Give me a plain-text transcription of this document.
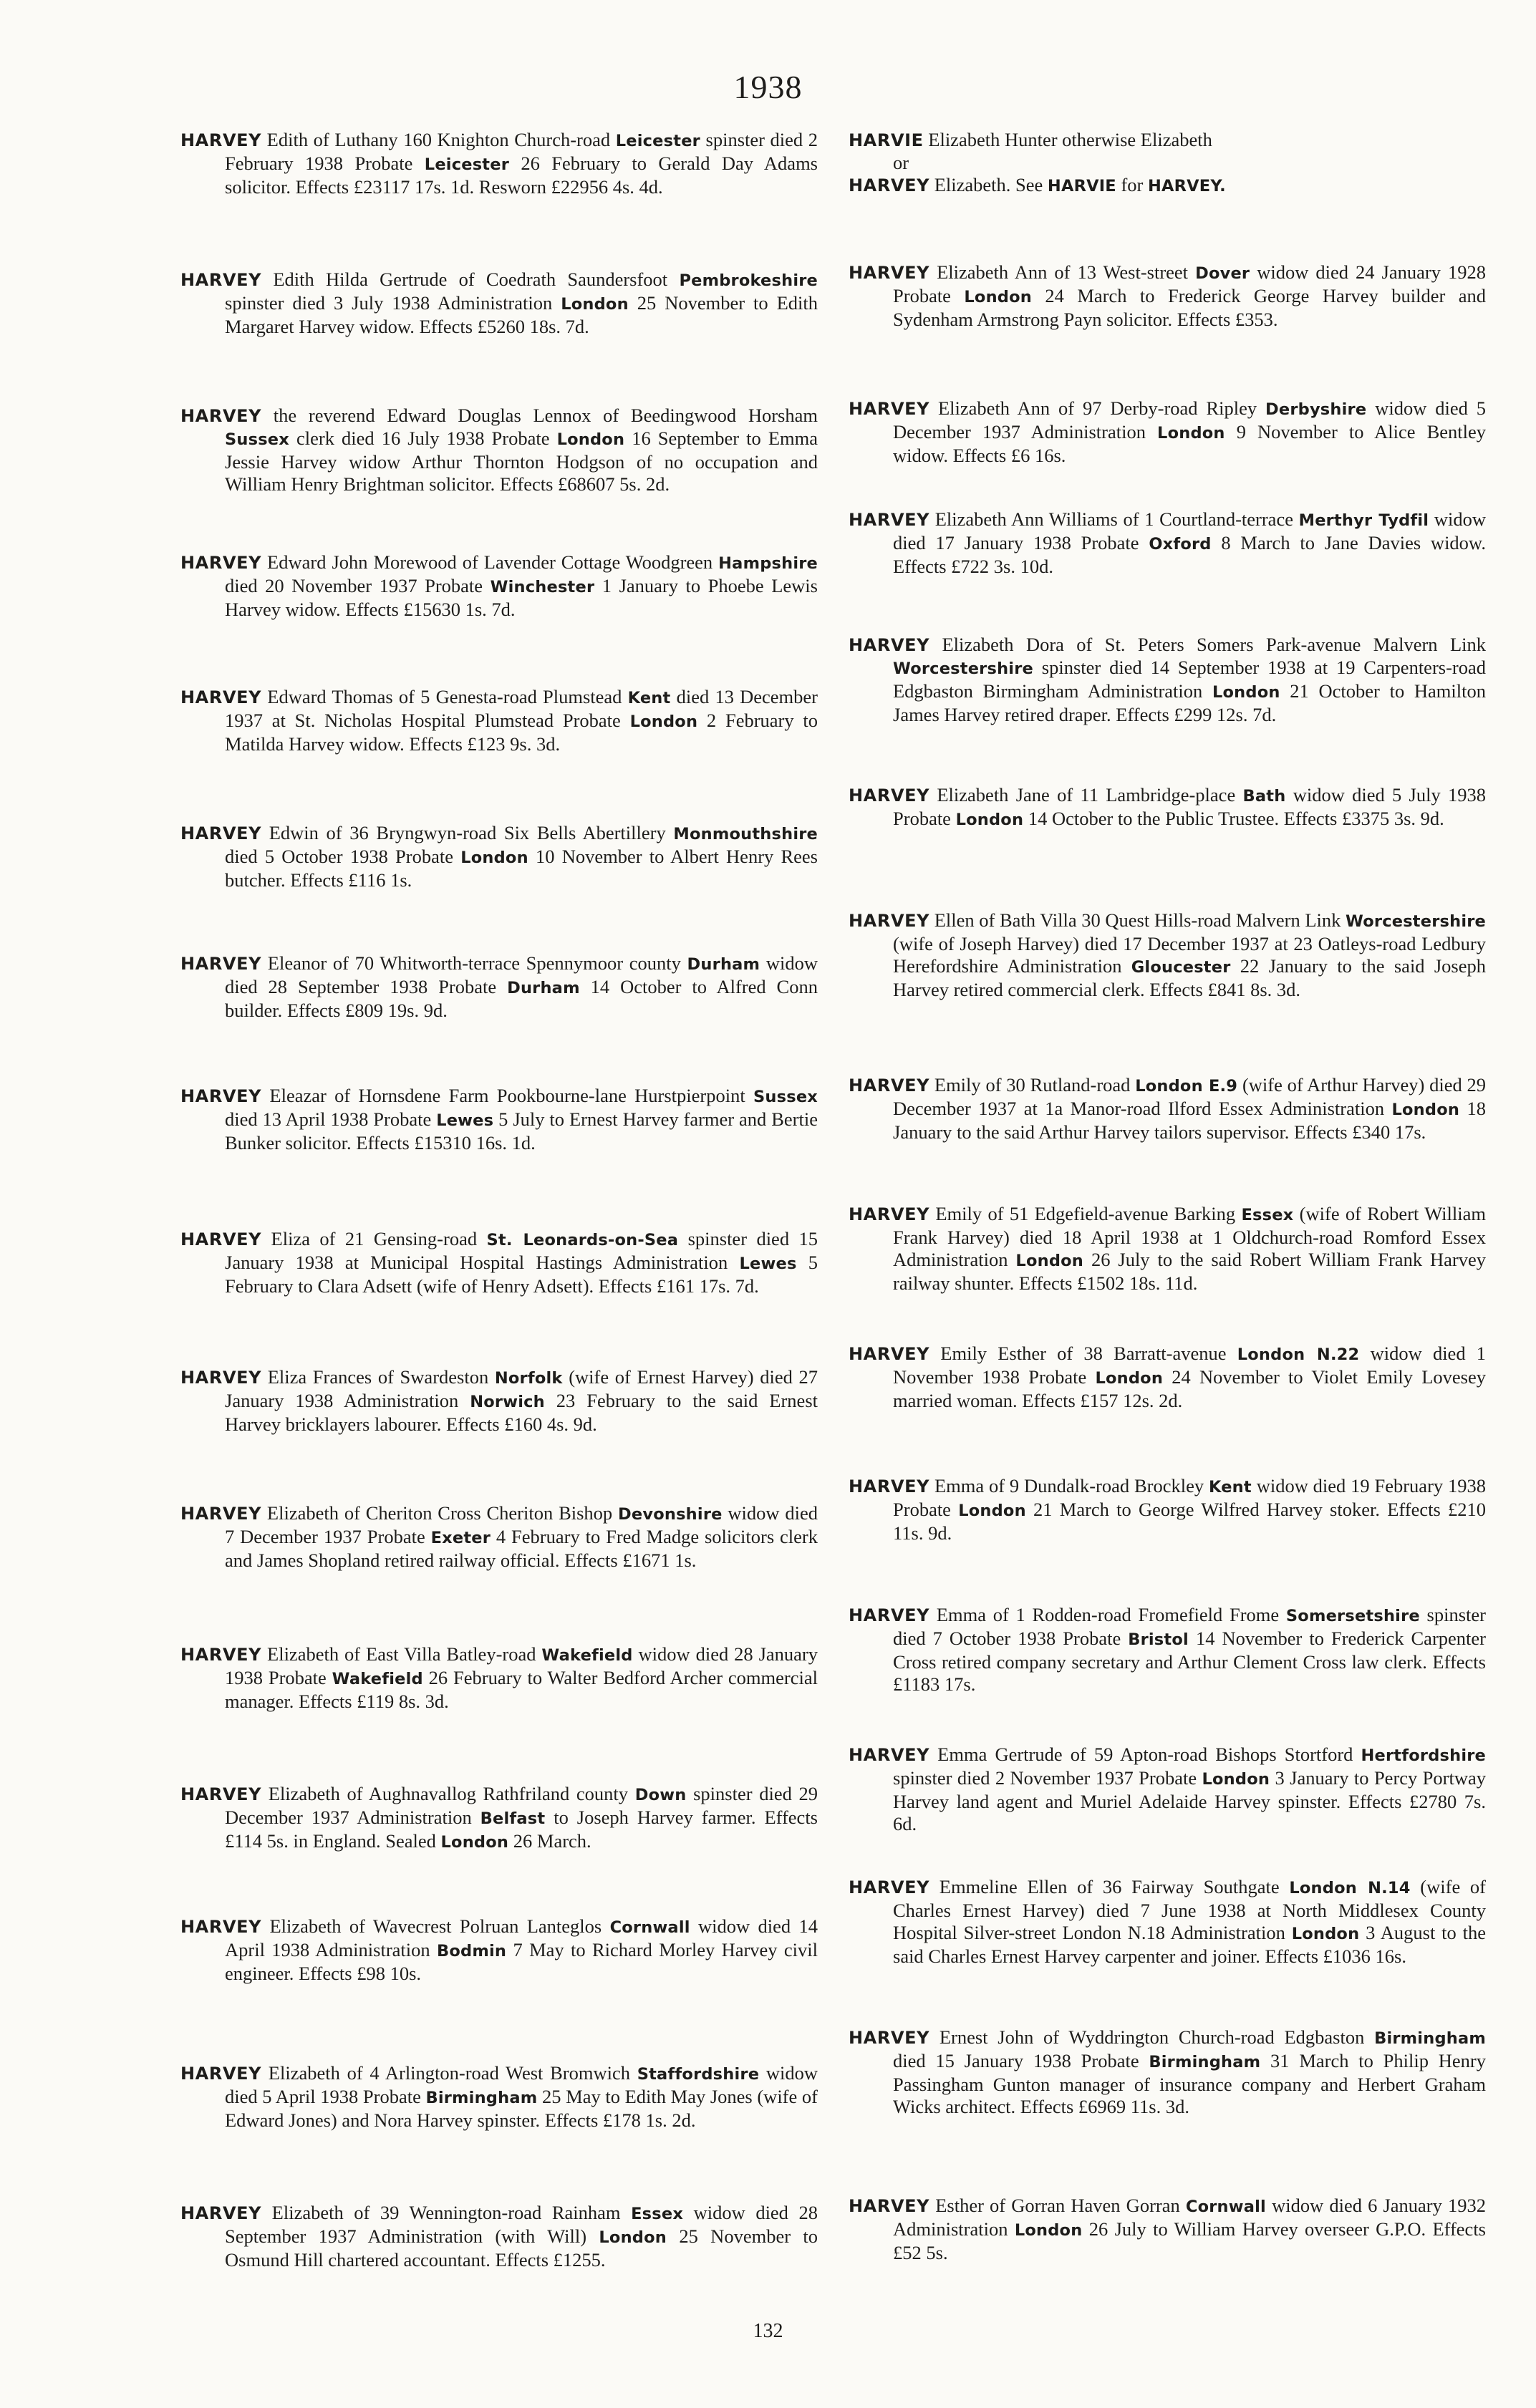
1938
HARVEY Edith of Luthany 160 Knighton Church-road Leicester spinster died 2 February 1938 Probate Leicester 26 February to Gerald Day Adams solicitor. Effects £23117 17s. 1d. Resworn £22956 4s. 4d.
HARVEY Edith Hilda Gertrude of Coedrath Saundersfoot Pembrokeshire spinster died 3 July 1938 Administration London 25 November to Edith Margaret Harvey widow. Effects £5260 18s. 7d.
HARVEY the reverend Edward Douglas Lennox of Beedingwood Horsham Sussex clerk died 16 July 1938 Probate London 16 September to Emma Jessie Harvey widow Arthur Thornton Hodgson of no occupation and William Henry Brightman solicitor. Effects £68607 5s. 2d.
HARVEY Edward John Morewood of Lavender Cottage Woodgreen Hampshire died 20 November 1937 Probate Winchester 1 January to Phoebe Lewis Harvey widow. Effects £15630 1s. 7d.
HARVEY Edward Thomas of 5 Genesta-road Plumstead Kent died 13 December 1937 at St. Nicholas Hospital Plumstead Probate London 2 February to Matilda Harvey widow. Effects £123 9s. 3d.
HARVEY Edwin of 36 Bryngwyn-road Six Bells Abertillery Monmouthshire died 5 October 1938 Probate London 10 November to Albert Henry Rees butcher. Effects £116 1s.
HARVEY Eleanor of 70 Whitworth-terrace Spennymoor county Durham widow died 28 September 1938 Probate Durham 14 October to Alfred Conn builder. Effects £809 19s. 9d.
HARVEY Eleazar of Hornsdene Farm Pookbourne-lane Hurstpierpoint Sussex died 13 April 1938 Probate Lewes 5 July to Ernest Harvey farmer and Bertie Bunker solicitor. Effects £15310 16s. 1d.
HARVEY Eliza of 21 Gensing-road St. Leonards-on-Sea spinster died 15 January 1938 at Municipal Hospital Hastings Administration Lewes 5 February to Clara Adsett (wife of Henry Adsett). Effects £161 17s. 7d.
HARVEY Eliza Frances of Swardeston Norfolk (wife of Ernest Harvey) died 27 January 1938 Administration Norwich 23 February to the said Ernest Harvey bricklayers labourer. Effects £160 4s. 9d.
HARVEY Elizabeth of Cheriton Cross Cheriton Bishop Devonshire widow died 7 December 1937 Probate Exeter 4 February to Fred Madge solicitors clerk and James Shopland retired railway official. Effects £1671 1s.
HARVEY Elizabeth of East Villa Batley-road Wakefield widow died 28 January 1938 Probate Wakefield 26 February to Walter Bedford Archer commercial manager. Effects £119 8s. 3d.
HARVEY Elizabeth of Aughnavallog Rathfriland county Down spinster died 29 December 1937 Administration Belfast to Joseph Harvey farmer. Effects £114 5s. in England. Sealed London 26 March.
HARVEY Elizabeth of Wavecrest Polruan Lanteglos Cornwall widow died 14 April 1938 Administration Bodmin 7 May to Richard Morley Harvey civil engineer. Effects £98 10s.
HARVEY Elizabeth of 4 Arlington-road West Bromwich Staffordshire widow died 5 April 1938 Probate Birmingham 25 May to Edith May Jones (wife of Edward Jones) and Nora Harvey spinster. Effects £178 1s. 2d.
HARVEY Elizabeth of 39 Wennington-road Rainham Essex widow died 28 September 1937 Administration (with Will) London 25 November to Osmund Hill chartered accountant. Effects £1255.
HARVIE Elizabeth Hunter otherwise Elizabeth
or
HARVEY Elizabeth. See HARVIE for HARVEY.
HARVEY Elizabeth Ann of 13 West-street Dover widow died 24 January 1928 Probate London 24 March to Frederick George Harvey builder and Sydenham Armstrong Payn solicitor. Effects £353.
HARVEY Elizabeth Ann of 97 Derby-road Ripley Derbyshire widow died 5 December 1937 Administration London 9 November to Alice Bentley widow. Effects £6 16s.
HARVEY Elizabeth Ann Williams of 1 Courtland-terrace Merthyr Tydfil widow died 17 January 1938 Probate Oxford 8 March to Jane Davies widow. Effects £722 3s. 10d.
HARVEY Elizabeth Dora of St. Peters Somers Park-avenue Malvern Link Worcestershire spinster died 14 September 1938 at 19 Carpenters-road Edgbaston Birmingham Administration London 21 October to Hamilton James Harvey retired draper. Effects £299 12s. 7d.
HARVEY Elizabeth Jane of 11 Lambridge-place Bath widow died 5 July 1938 Probate London 14 October to the Public Trustee. Effects £3375 3s. 9d.
HARVEY Ellen of Bath Villa 30 Quest Hills-road Malvern Link Worcestershire (wife of Joseph Harvey) died 17 December 1937 at 23 Oatleys-road Ledbury Herefordshire Administration Gloucester 22 January to the said Joseph Harvey retired commercial clerk. Effects £841 8s. 3d.
HARVEY Emily of 30 Rutland-road London E.9 (wife of Arthur Harvey) died 29 December 1937 at 1a Manor-road Ilford Essex Administration London 18 January to the said Arthur Harvey tailors supervisor. Effects £340 17s.
HARVEY Emily of 51 Edgefield-avenue Barking Essex (wife of Robert William Frank Harvey) died 18 April 1938 at 1 Oldchurch-road Romford Essex Administration London 26 July to the said Robert William Frank Harvey railway shunter. Effects £1502 18s. 11d.
HARVEY Emily Esther of 38 Barratt-avenue London N.22 widow died 1 November 1938 Probate London 24 November to Violet Emily Lovesey married woman. Effects £157 12s. 2d.
HARVEY Emma of 9 Dundalk-road Brockley Kent widow died 19 February 1938 Probate London 21 March to George Wilfred Harvey stoker. Effects £210 11s. 9d.
HARVEY Emma of 1 Rodden-road Fromefield Frome Somersetshire spinster died 7 October 1938 Probate Bristol 14 November to Frederick Carpenter Cross retired company secretary and Arthur Clement Cross law clerk. Effects £1183 17s.
HARVEY Emma Gertrude of 59 Apton-road Bishops Stortford Hertfordshire spinster died 2 November 1937 Probate London 3 January to Percy Portway Harvey land agent and Muriel Adelaide Harvey spinster. Effects £2780 7s. 6d.
HARVEY Emmeline Ellen of 36 Fairway Southgate London N.14 (wife of Charles Ernest Harvey) died 7 June 1938 at North Middlesex County Hospital Silver-street London N.18 Administration London 3 August to the said Charles Ernest Harvey carpenter and joiner. Effects £1036 16s.
HARVEY Ernest John of Wyddrington Church-road Edgbaston Birmingham died 15 January 1938 Probate Birmingham 31 March to Philip Henry Passingham Gunton manager of insurance company and Herbert Graham Wicks architect. Effects £6969 11s. 3d.
HARVEY Esther of Gorran Haven Gorran Cornwall widow died 6 January 1932 Administration London 26 July to William Harvey overseer G.P.O. Effects £52 5s.
132
